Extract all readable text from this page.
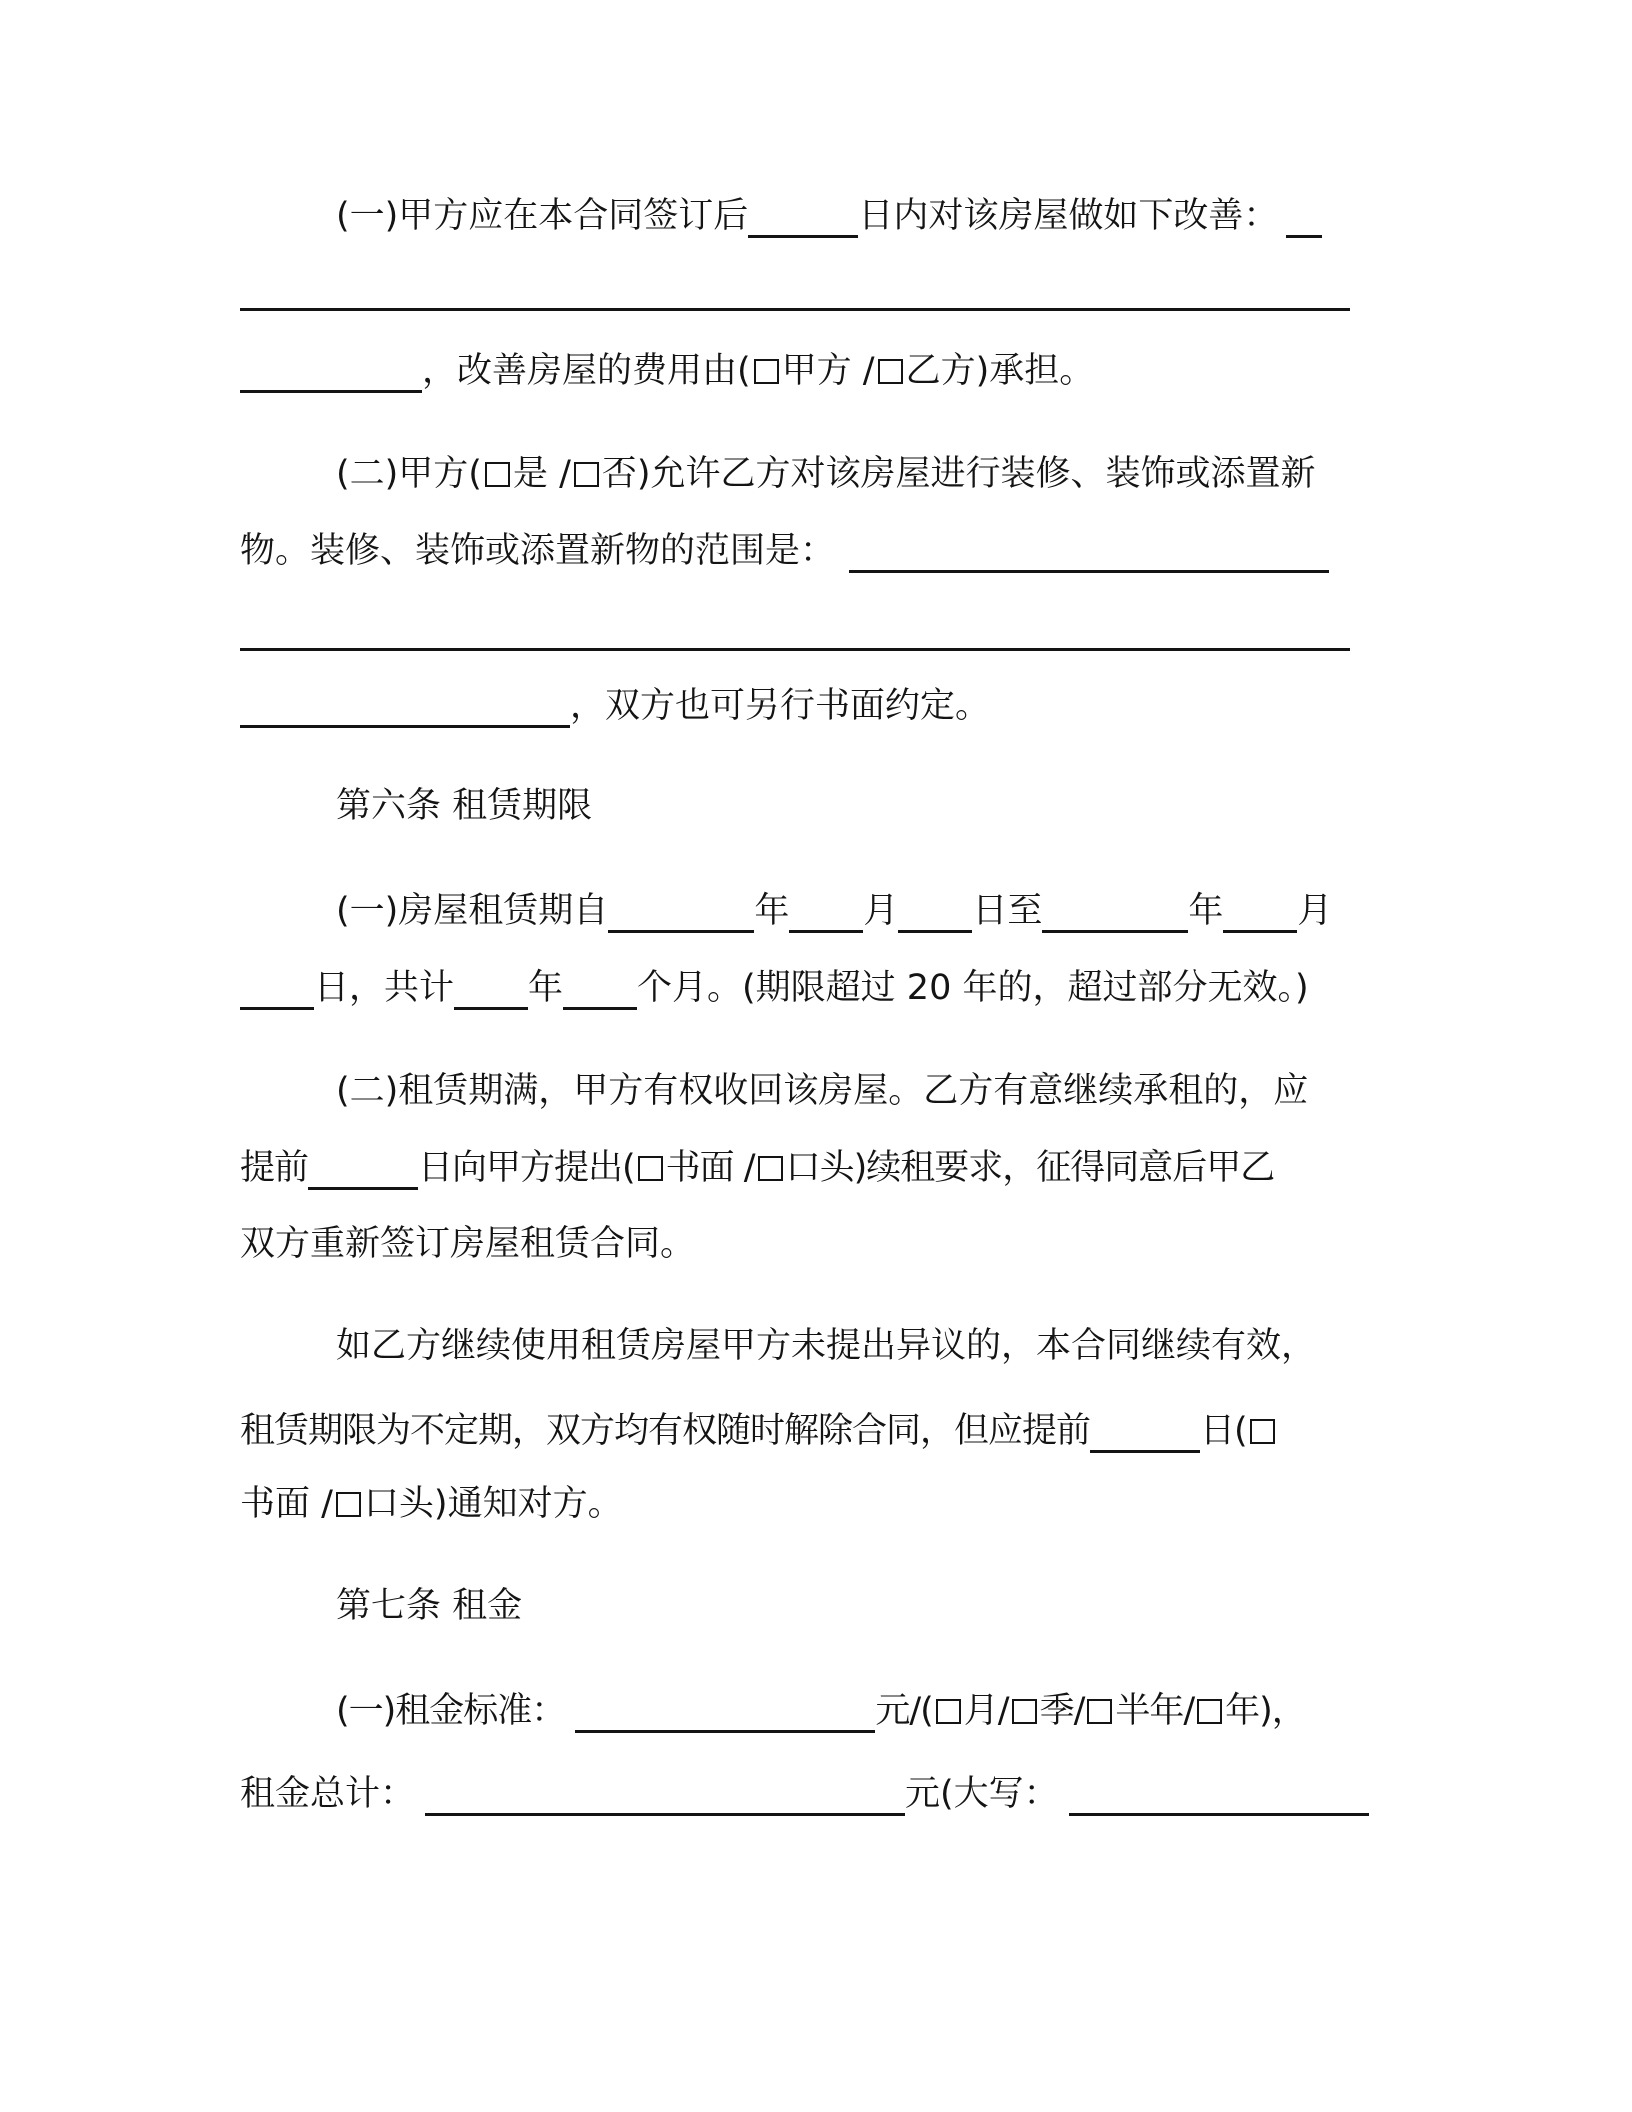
(一)甲方应在本合同签订后	日内对该房屋做如下改善：
，改善房屋的费用由( 甲方 / 乙方)承担。
(二)甲方( 是 / 否)允许乙方对该房屋进行装修、装饰或添置新
物。装修、装饰或添置新物的范围是：
，双方也可另行书面约定。
第六条 租赁期限
(一)房屋租赁期自	年 月 日至	年 月
日，共计 年 个月。(期限超过 20 年的，超过部分无效。)
(二)租赁期满，甲方有权收回该房屋。乙方有意继续承租的，应
提前	日向甲方提出( 书面 / 口头)续租要求，征得同意后甲乙
双方重新签订房屋租赁合同。
如乙方继续使用租赁房屋甲方未提出异议的，本合同继续有效，
租赁期限为不定期，双方均有权随时解除合同，但应提前	日(
书面 / 口头)通知对方。
第七条 租金
(一)租金标准：	元/( 月/ 季/ 半年/ 年)，
租金总计：	元(大写：
